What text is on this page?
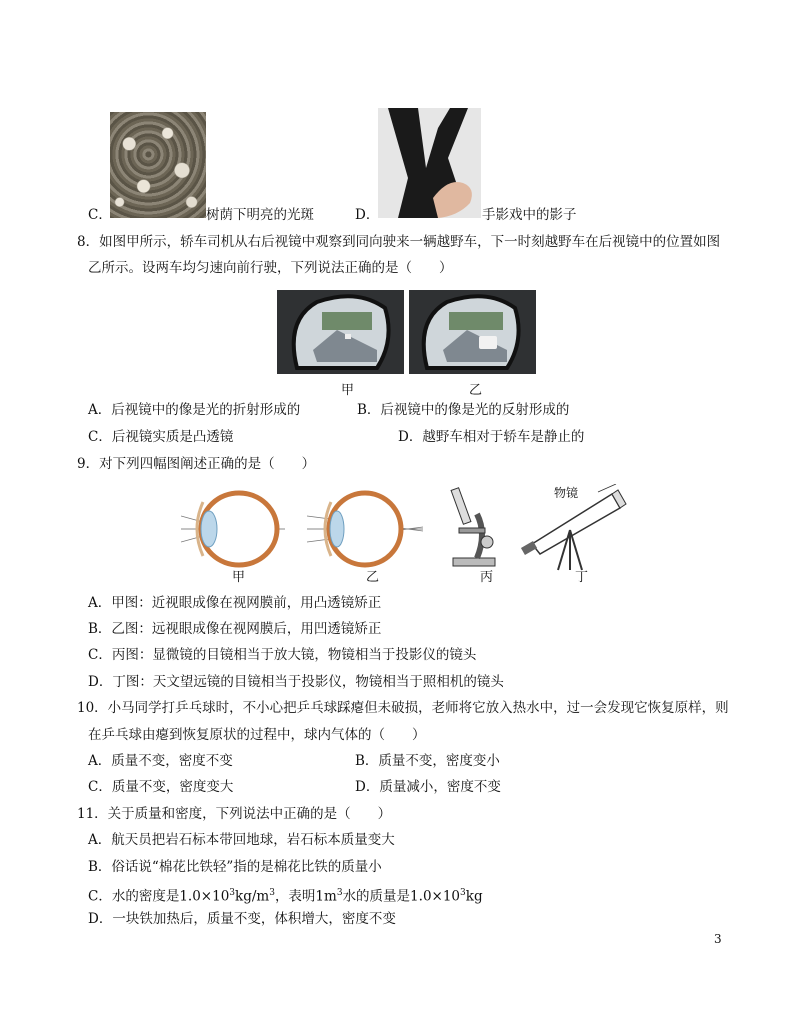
C．	树荫下明亮的光斑	D．	手影戏中的影子
8．如图甲所示，轿车司机从右后视镜中观察到同向驶来一辆越野车，下一时刻越野车在后视镜中的位置如图
乙所示。设两车均匀速向前行驶，下列说法正确的是（　　）
甲	乙
A．后视镜中的像是光的折射形成的	B．后视镜中的像是光的反射形成的
C．后视镜实质是凸透镜	D．越野车相对于轿车是静止的
9．对下列四幅图阐述正确的是（　　）
物镜
甲	乙	丙	丁
A．甲图：近视眼成像在视网膜前，用凸透镜矫正
B．乙图：远视眼成像在视网膜后，用凹透镜矫正
C．丙图：显微镜的目镜相当于放大镜，物镜相当于投影仪的镜头
D．丁图：天文望远镜的目镜相当于投影仪，物镜相当于照相机的镜头
10．小马同学打乒乓球时，不小心把乒乓球踩瘪但未破损，老师将它放入热水中，过一会发现它恢复原样，则
在乒乓球由瘪到恢复原状的过程中，球内气体的（　　）
A．质量不变，密度不变	B．质量不变，密度变小
C．质量不变，密度变大	D．质量减小，密度不变
11．关于质量和密度，下列说法中正确的是（　　）
A．航天员把岩石标本带回地球，岩石标本质量变大
B．俗话说“棉花比铁轻”指的是棉花比铁的质量小
C．水的密度是$1.0\times 10^3kg/m^3$，表明$1m^3$水的质量是$1.0\times 10^3kg$
D．一块铁加热后，质量不变，体积增大，密度不变
3
